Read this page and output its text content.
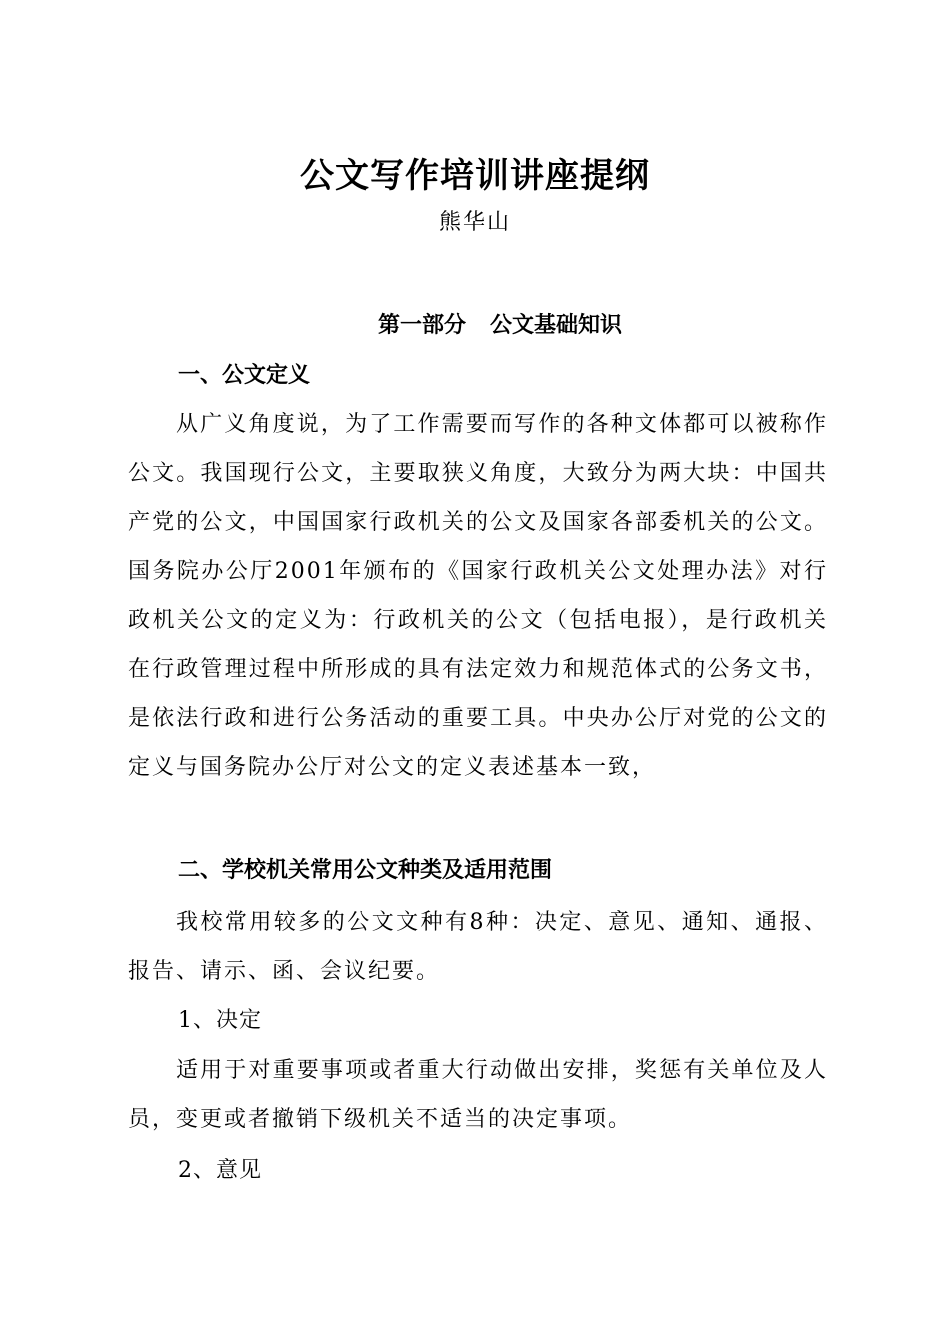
公文写作培训讲座提纲
熊华山
第一部分 公文基础知识
一、公文定义
从广义角度说，为了工作需要而写作的各种文体都可以被称作公文。我国现行公文，主要取狭义角度，大致分为两大块：中国共产党的公文，中国国家行政机关的公文及国家各部委机关的公文。国务院办公厅2001年颁布的《国家行政机关公文处理办法》对行政机关公文的定义为：行政机关的公文（包括电报），是行政机关在行政管理过程中所形成的具有法定效力和规范体式的公务文书，是依法行政和进行公务活动的重要工具。中央办公厅对党的公文的定义与国务院办公厅对公文的定义表述基本一致，
二、学校机关常用公文种类及适用范围
我校常用较多的公文文种有8种：决定、意见、通知、通报、报告、请示、函、会议纪要。
1、决定
适用于对重要事项或者重大行动做出安排，奖惩有关单位及人员，变更或者撤销下级机关不适当的决定事项。
2、意见
